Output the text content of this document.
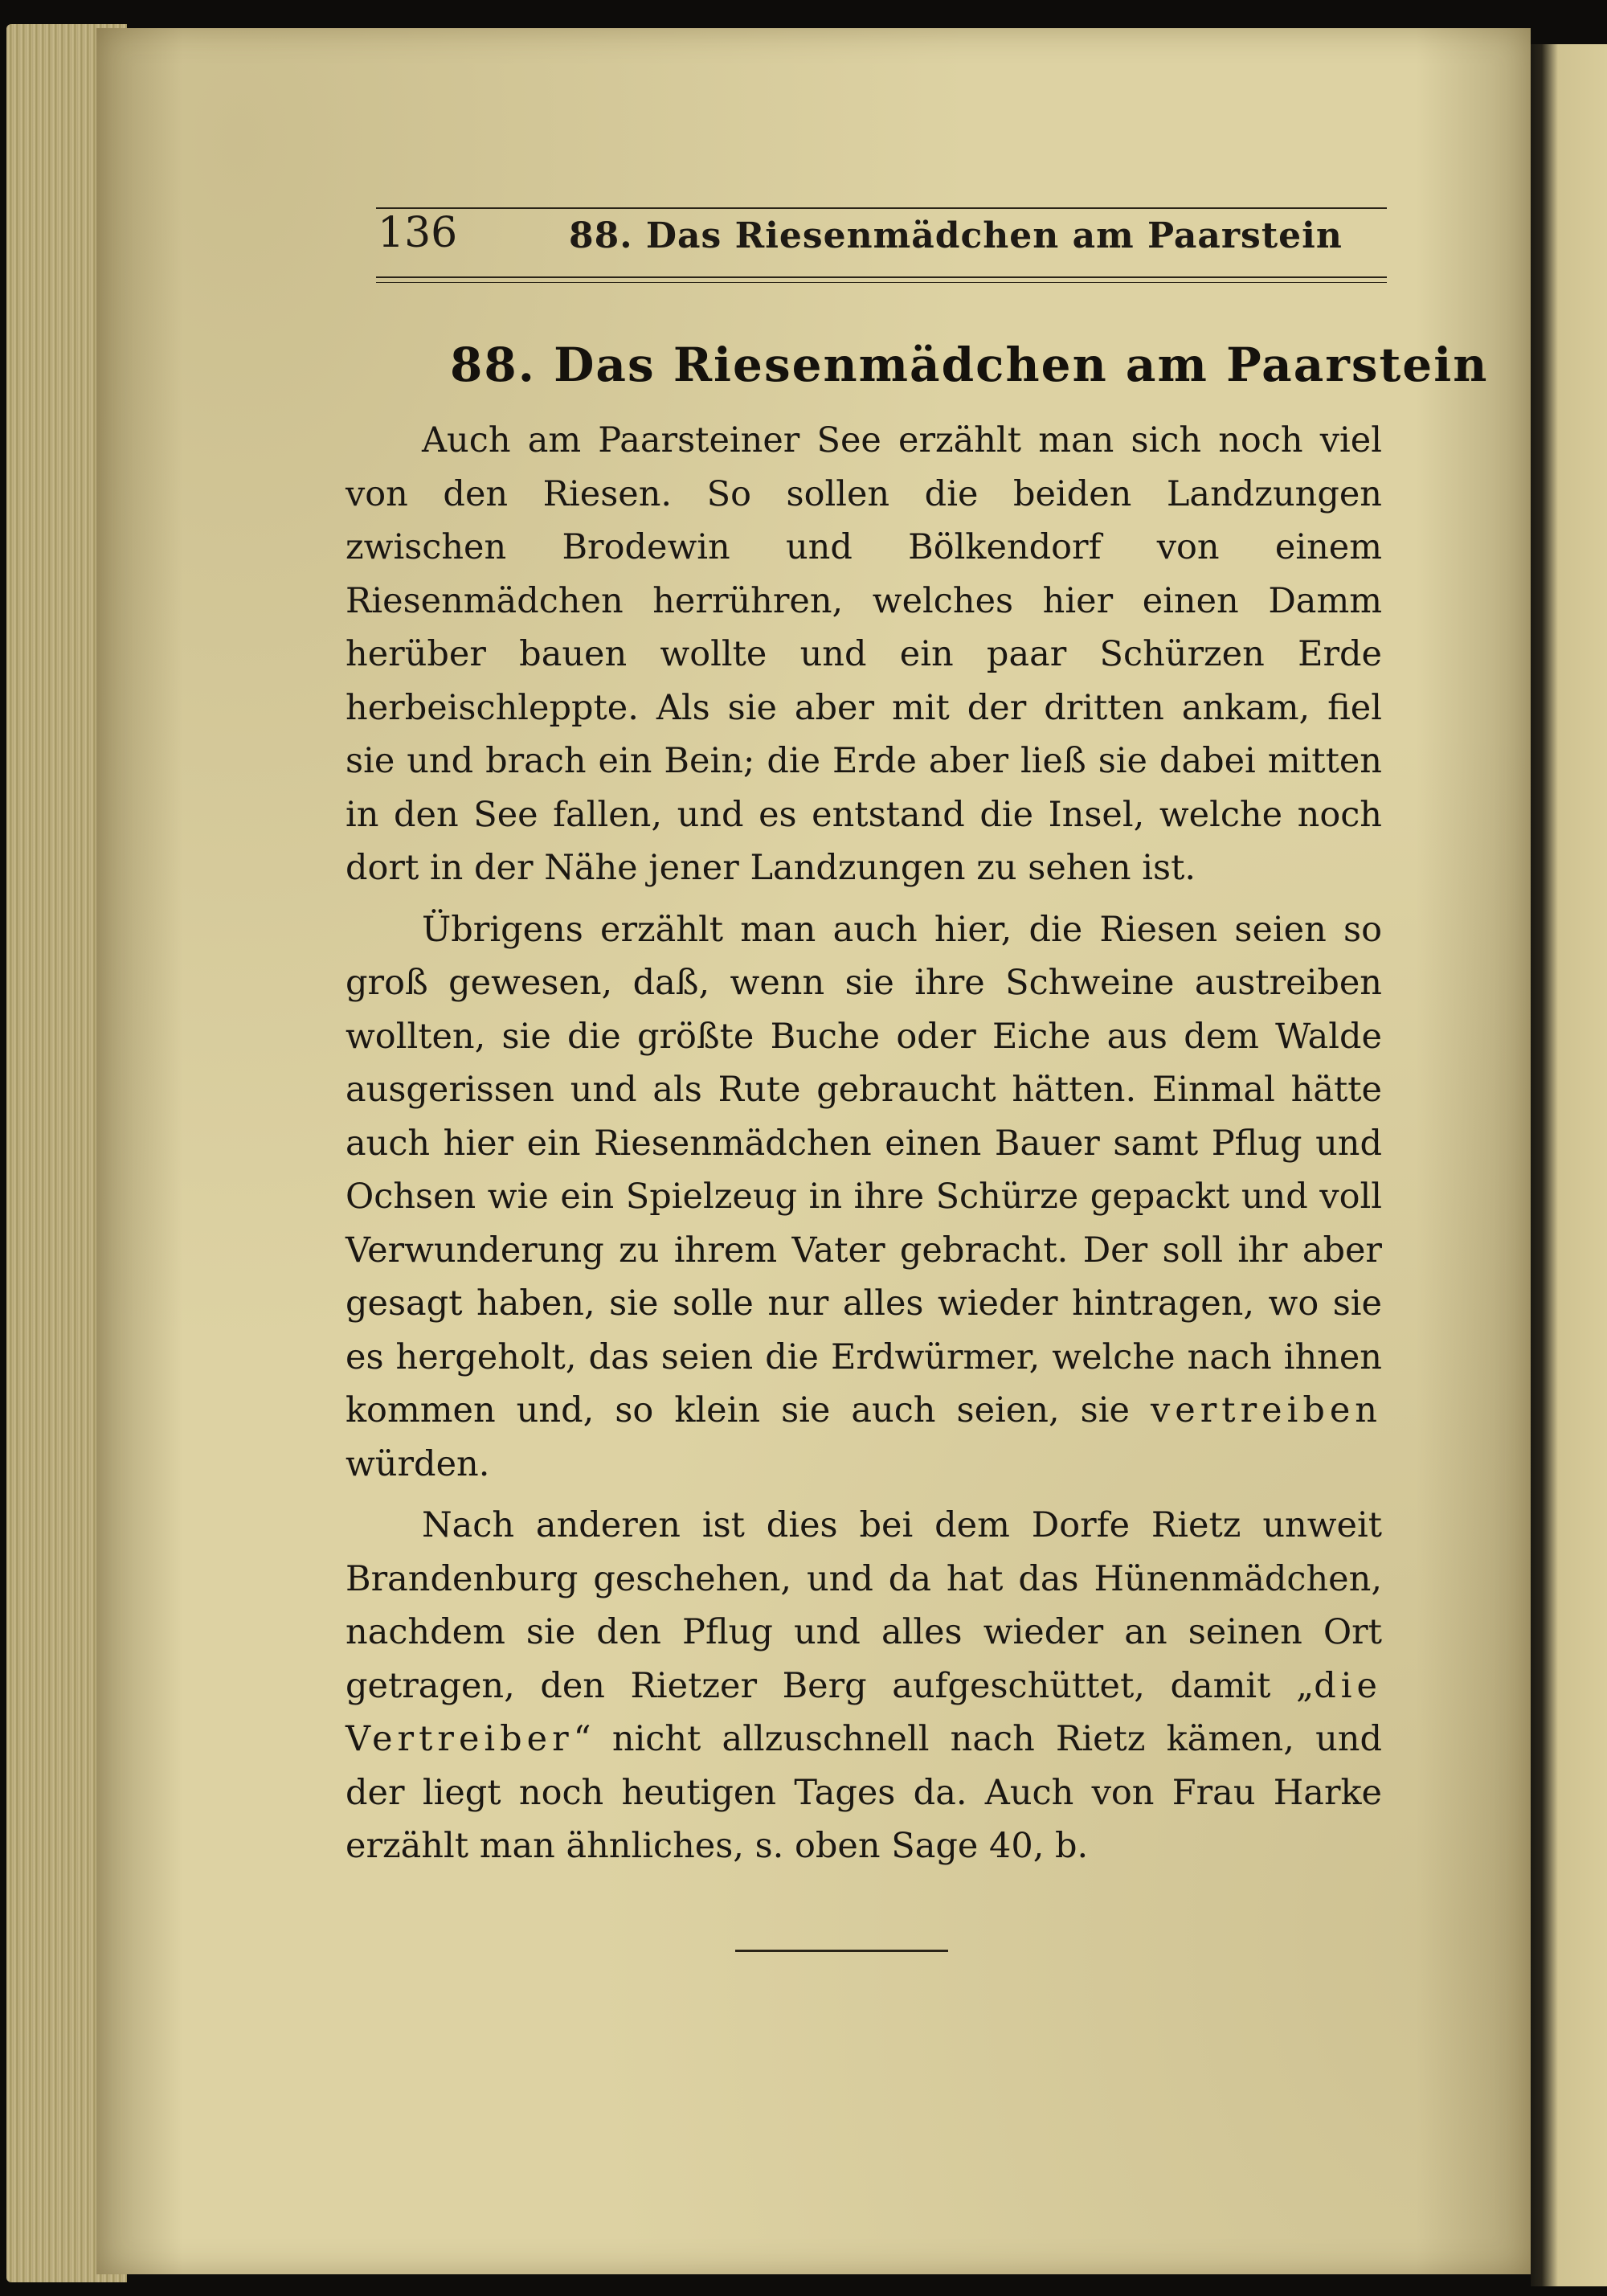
136	88. Das Riesenmädchen am Paarstein
88. Das Riesenmädchen am Paarstein

Auch am Paarsteiner See erzählt man sich noch viel von den Riesen. So sollen die beiden Landzungen zwischen Brodewin und Bölkendorf von einem Riesenmädchen herrühren, welches hier einen Damm herüber bauen wollte und ein paar Schürzen Erde herbeischleppte. Als sie aber mit der dritten ankam, fiel sie und brach ein Bein; die Erde aber ließ sie dabei mitten in den See fallen, und es entstand die Insel, welche noch dort in der Nähe jener Landzungen zu sehen ist.

Übrigens erzählt man auch hier, die Riesen seien so groß gewesen, daß, wenn sie ihre Schweine austreiben wollten, sie die größte Buche oder Eiche aus dem Walde ausgerissen und als Rute gebraucht hätten. Einmal hätte auch hier ein Riesenmädchen einen Bauer samt Pflug und Ochsen wie ein Spielzeug in ihre Schürze gepackt und voll Verwunderung zu ihrem Vater gebracht. Der soll ihr aber gesagt haben, sie solle nur alles wieder hintragen, wo sie es hergeholt, das seien die Erdwürmer, welche nach ihnen kommen und, so klein sie auch seien, sie vertreiben würden.

Nach anderen ist dies bei dem Dorfe Rietz unweit Brandenburg geschehen, und da hat das Hünenmädchen, nachdem sie den Pflug und alles wieder an seinen Ort getragen, den Rietzer Berg aufgeschüttet, damit „die Vertreiber“ nicht allzuschnell nach Rietz kämen, und der liegt noch heutigen Tages da. Auch von Frau Harke erzählt man ähnliches, s. oben Sage 40, b.
